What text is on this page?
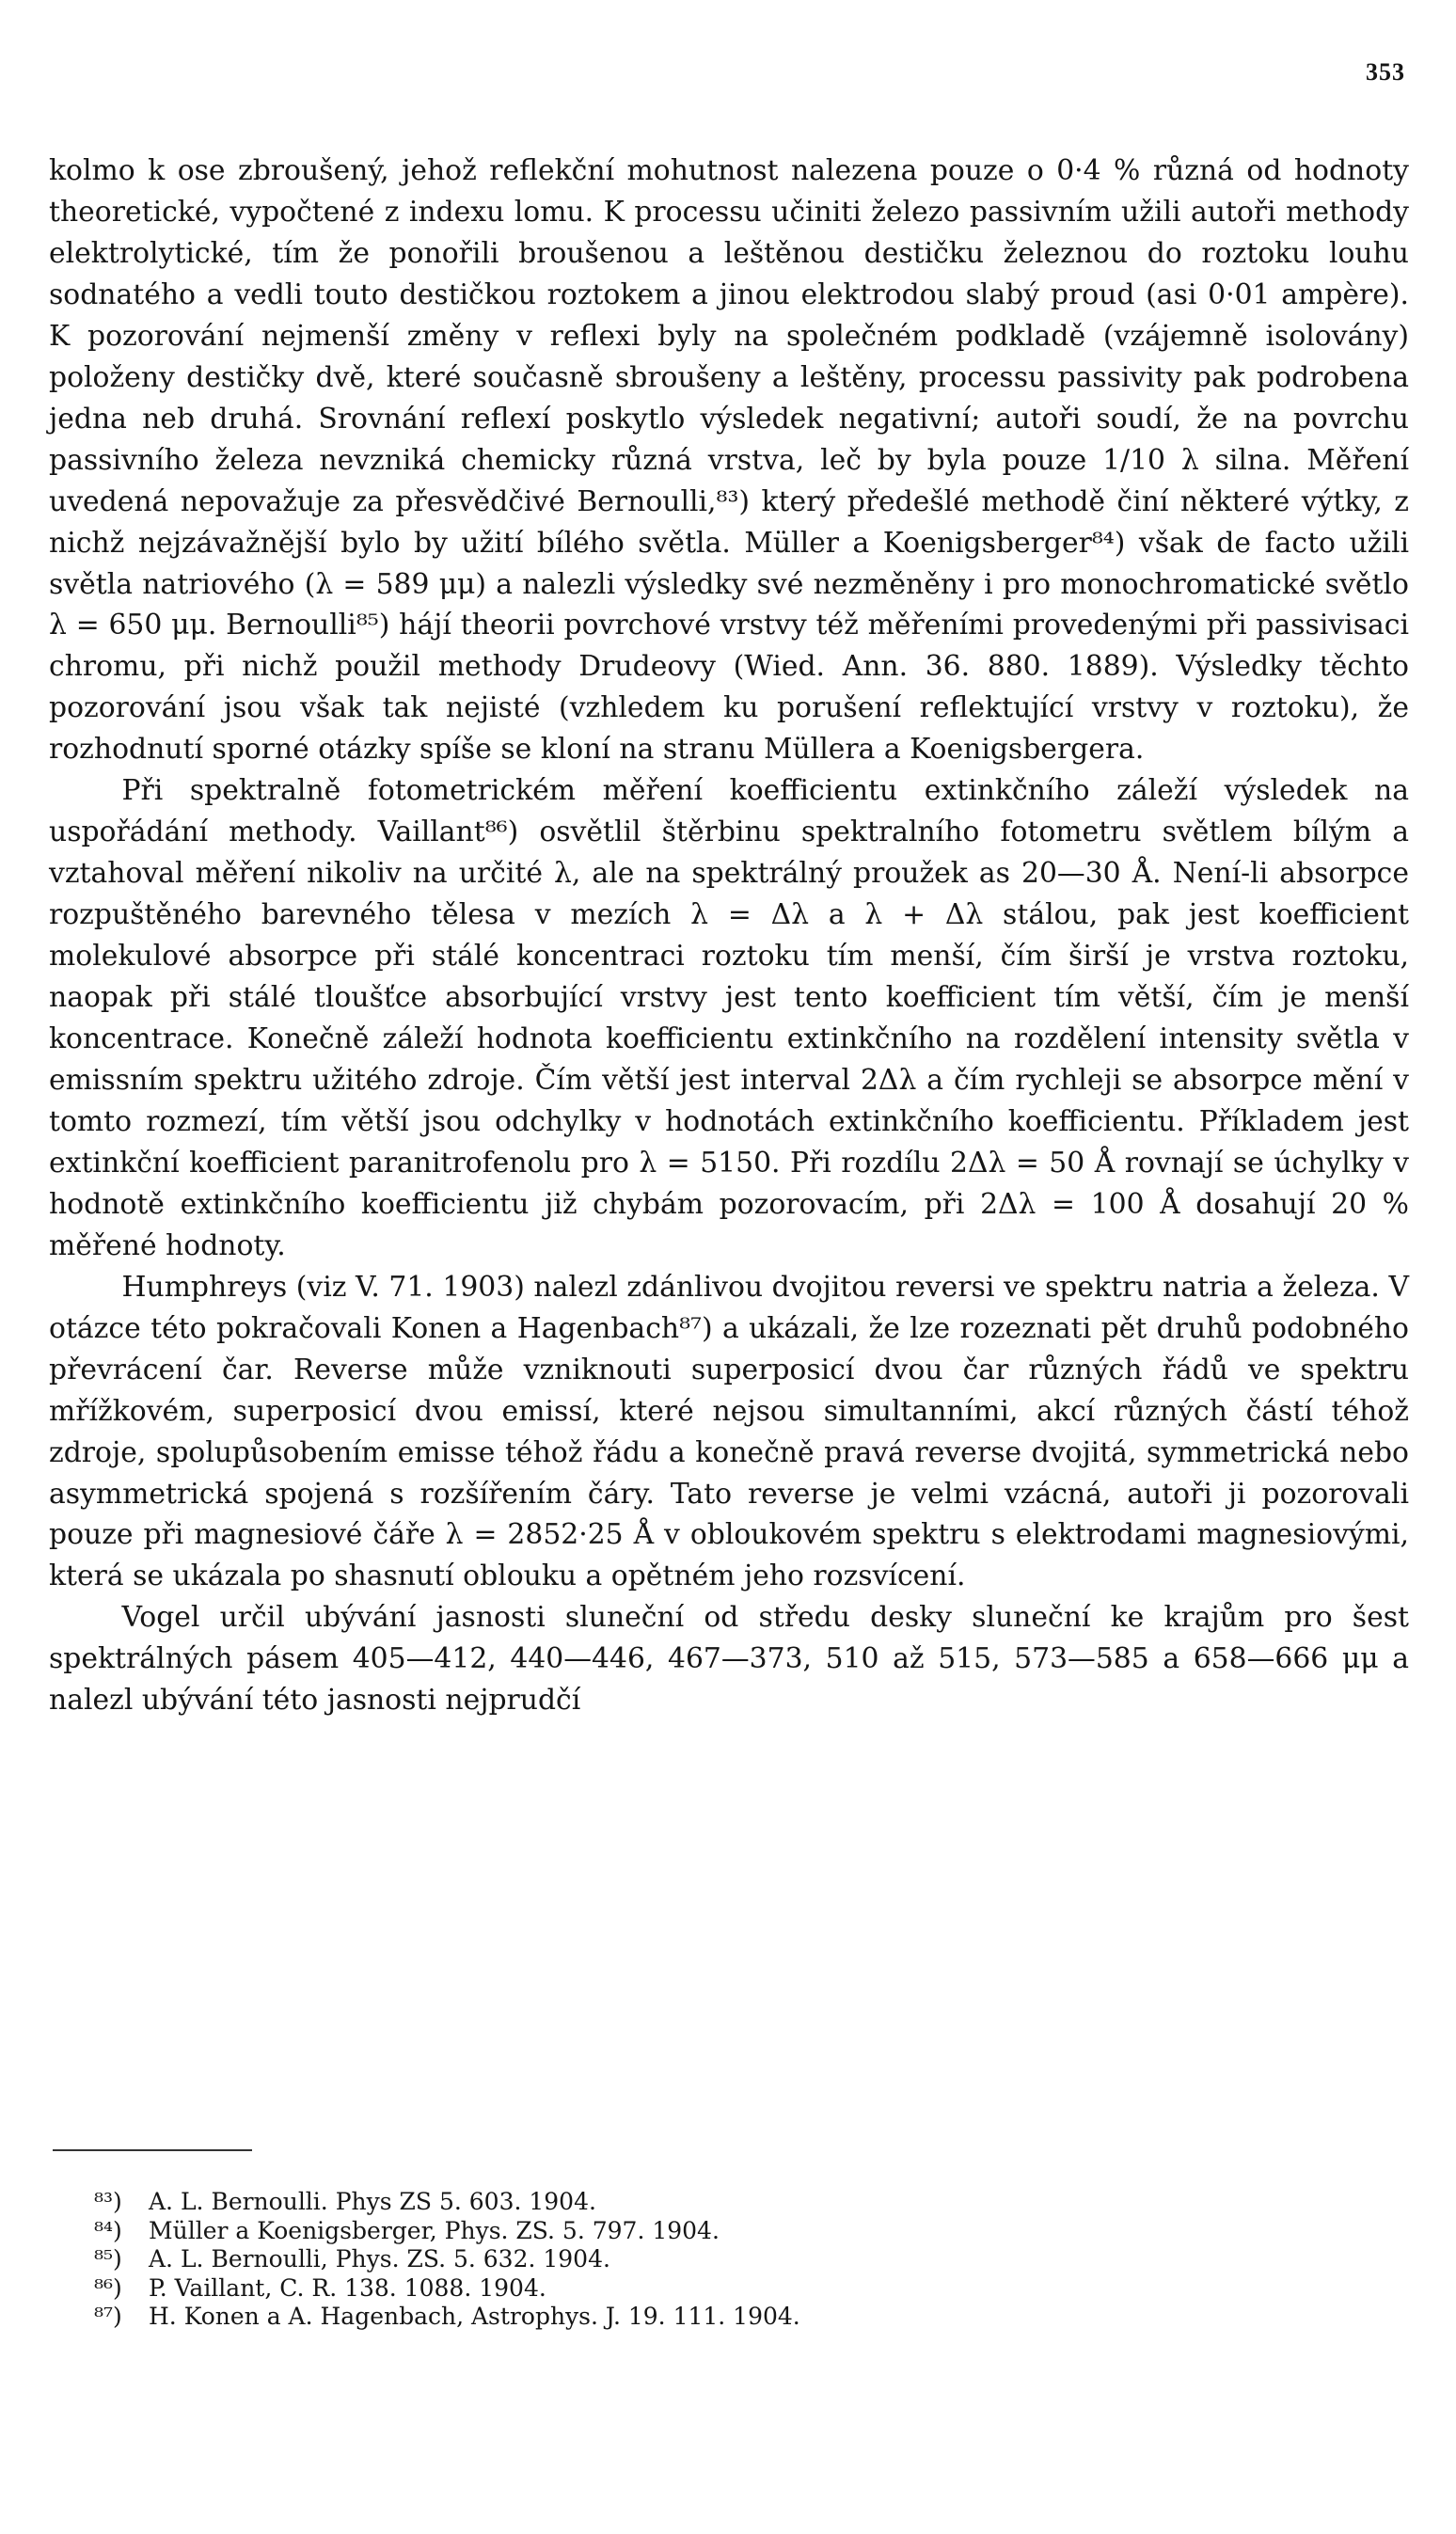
353

kolmo k ose zbroušený, jehož reflekční mohutnost nalezena pouze o 0·4 % různá od hodnoty theoretické, vypočtené z indexu lomu. K processu učiniti železo passivním užili autoři methody elektrolytické, tím že ponořili broušenou a leštěnou destičku železnou do roztoku louhu sodnatého a vedli touto destičkou roztokem a jinou elektrodou slabý proud (asi 0·01 ampère). K pozorování nejmenší změny v reflexi byly na společném podkladě (vzájemně isolovány) položeny destičky dvě, které současně sbroušeny a leštěny, processu passivity pak podrobena jedna neb druhá. Srovnání reflexí poskytlo výsledek negativní; autoři soudí, že na povrchu passivního železa nevzniká chemicky různá vrstva, leč by byla pouze 1/10 λ silna. Měření uvedená nepovažuje za přesvědčivé Bernoulli,⁸³) který předešlé methodě činí některé výtky, z nichž nejzávažnější bylo by užití bílého světla. Müller a Koenigsberger⁸⁴) však de facto užili světla natriového (λ = 589 μμ) a nalezli výsledky své nezměněny i pro monochromatické světlo λ = 650 μμ. Bernoulli⁸⁵) hájí theorii povrchové vrstvy též měřeními provedenými při passivisaci chromu, při nichž použil methody Drudeovy (Wied. Ann. 36. 880. 1889). Výsledky těchto pozorování jsou však tak nejisté (vzhledem ku porušení reflektující vrstvy v roztoku), že rozhodnutí sporné otázky spíše se kloní na stranu Müllera a Koenigsbergera.

Při spektralně fotometrickém měření koefficientu extinkčního záleží výsledek na uspořádání methody. Vaillant⁸⁶) osvětlil štěrbinu spektralního fotometru světlem bílým a vztahoval měření nikoliv na určité λ, ale na spektrálný proužek as 20—30 Å. Není-li absorpce rozpuštěného barevného tělesa v mezích λ = Δλ a λ + Δλ stálou, pak jest koefficient molekulové absorpce při stálé koncentraci roztoku tím menší, čím širší je vrstva roztoku, naopak při stálé tloušťce absorbující vrstvy jest tento koefficient tím větší, čím je menší koncentrace. Konečně záleží hodnota koefficientu extinkčního na rozdělení intensity světla v emissním spektru užitého zdroje. Čím větší jest interval 2Δλ a čím rychleji se absorpce mění v tomto rozmezí, tím větší jsou odchylky v hodnotách extinkčního koefficientu. Příkladem jest extinkční koefficient paranitrofenolu pro λ = 5150. Při rozdílu 2Δλ = 50 Å rovnají se úchylky v hodnotě extinkčního koefficientu již chybám pozorovacím, při 2Δλ = 100 Å dosahují 20 % měřené hodnoty.

Humphreys (viz V. 71. 1903) nalezl zdánlivou dvojitou reversi ve spektru natria a železa. V otázce této pokračovali Konen a Hagenbach⁸⁷) a ukázali, že lze rozeznati pět druhů podobného převrácení čar. Reverse může vzniknouti superposicí dvou čar různých řádů ve spektru mřížkovém, superposicí dvou emissí, které nejsou simultanními, akcí různých částí téhož zdroje, spolupůsobením emisse téhož řádu a konečně pravá reverse dvojitá, symmetrická nebo asymmetrická spojená s rozšířením čáry. Tato reverse je velmi vzácná, autoři ji pozorovali pouze při magnesiové čáře λ = 2852·25 Å v obloukovém spektru s elektrodami magnesiovými, která se ukázala po shasnutí oblouku a opětném jeho rozsvícení.

Vogel určil ubývání jasnosti sluneční od středu desky sluneční ke krajům pro šest spektrálných pásem 405—412, 440—446, 467—373, 510 až 515, 573—585 a 658—666 μμ a nalezl ubývání této jasnosti nejprudčí

⁸³) A. L. Bernoulli. Phys ZS 5. 603. 1904.
⁸⁴) Müller a Koenigsberger, Phys. ZS. 5. 797. 1904.
⁸⁵) A. L. Bernoulli, Phys. ZS. 5. 632. 1904.
⁸⁶) P. Vaillant, C. R. 138. 1088. 1904.
⁸⁷) H. Konen a A. Hagenbach, Astrophys. J. 19. 111. 1904.
